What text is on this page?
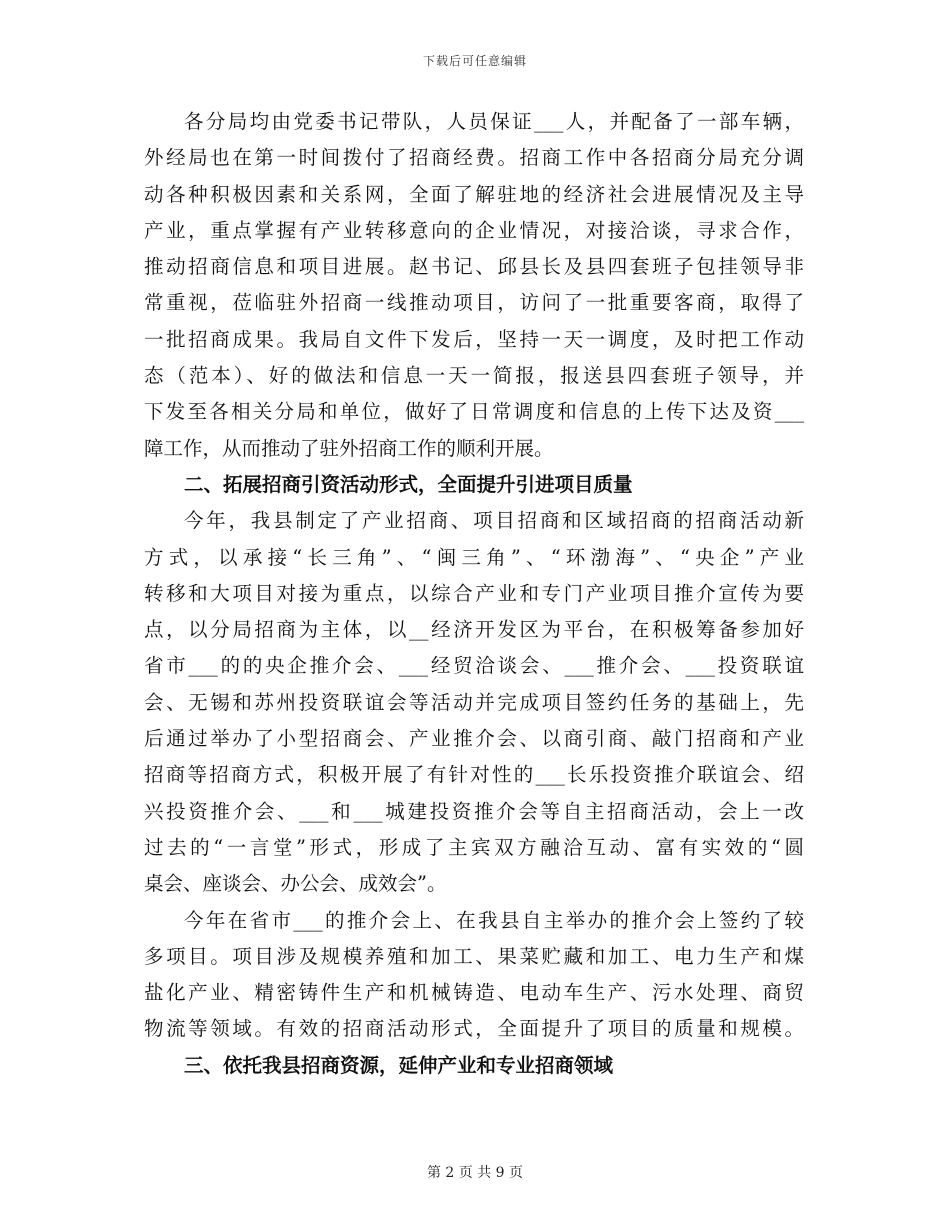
下载后可任意编辑
各分局均由党委书记带队，人员保证___人，并配备了一部车辆，
外经局也在第一时间拨付了招商经费。招商工作中各招商分局充分调
动各种积极因素和关系网，全面了解驻地的经济社会进展情况及主导
产业，重点掌握有产业转移意向的企业情况，对接洽谈，寻求合作，
推动招商信息和项目进展。赵书记、邱县长及县四套班子包挂领导非
常重视，莅临驻外招商一线推动项目，访问了一批重要客商，取得了
一批招商成果。我局自文件下发后，坚持一天一调度，及时把工作动
态（范本）、好的做法和信息一天一简报，报送县四套班子领导，并
下发至各相关分局和单位，做好了日常调度和信息的上传下达及资___
障工作，从而推动了驻外招商工作的顺利开展。
二、拓展招商引资活动形式，全面提升引进项目质量
今年，我县制定了产业招商、项目招商和区域招商的招商活动新
方式，以承接“长三角”、“闽三角”、“环渤海”、“央企”产业
转移和大项目对接为重点，以综合产业和专门产业项目推介宣传为要
点，以分局招商为主体，以__经济开发区为平台，在积极筹备参加好
省市___的的央企推介会、___经贸洽谈会、___推介会、___投资联谊
会、无锡和苏州投资联谊会等活动并完成项目签约任务的基础上，先
后通过举办了小型招商会、产业推介会、以商引商、敲门招商和产业
招商等招商方式，积极开展了有针对性的___长乐投资推介联谊会、绍
兴投资推介会、___和___城建投资推介会等自主招商活动，会上一改
过去的“一言堂”形式，形成了主宾双方融洽互动、富有实效的“圆
桌会、座谈会、办公会、成效会”。
今年在省市___的推介会上、在我县自主举办的推介会上签约了较
多项目。项目涉及规模养殖和加工、果菜贮藏和加工、电力生产和煤
盐化产业、精密铸件生产和机械铸造、电动车生产、污水处理、商贸
物流等领域。有效的招商活动形式，全面提升了项目的质量和规模。
三、依托我县招商资源，延伸产业和专业招商领域
第 2 页 共 9 页
